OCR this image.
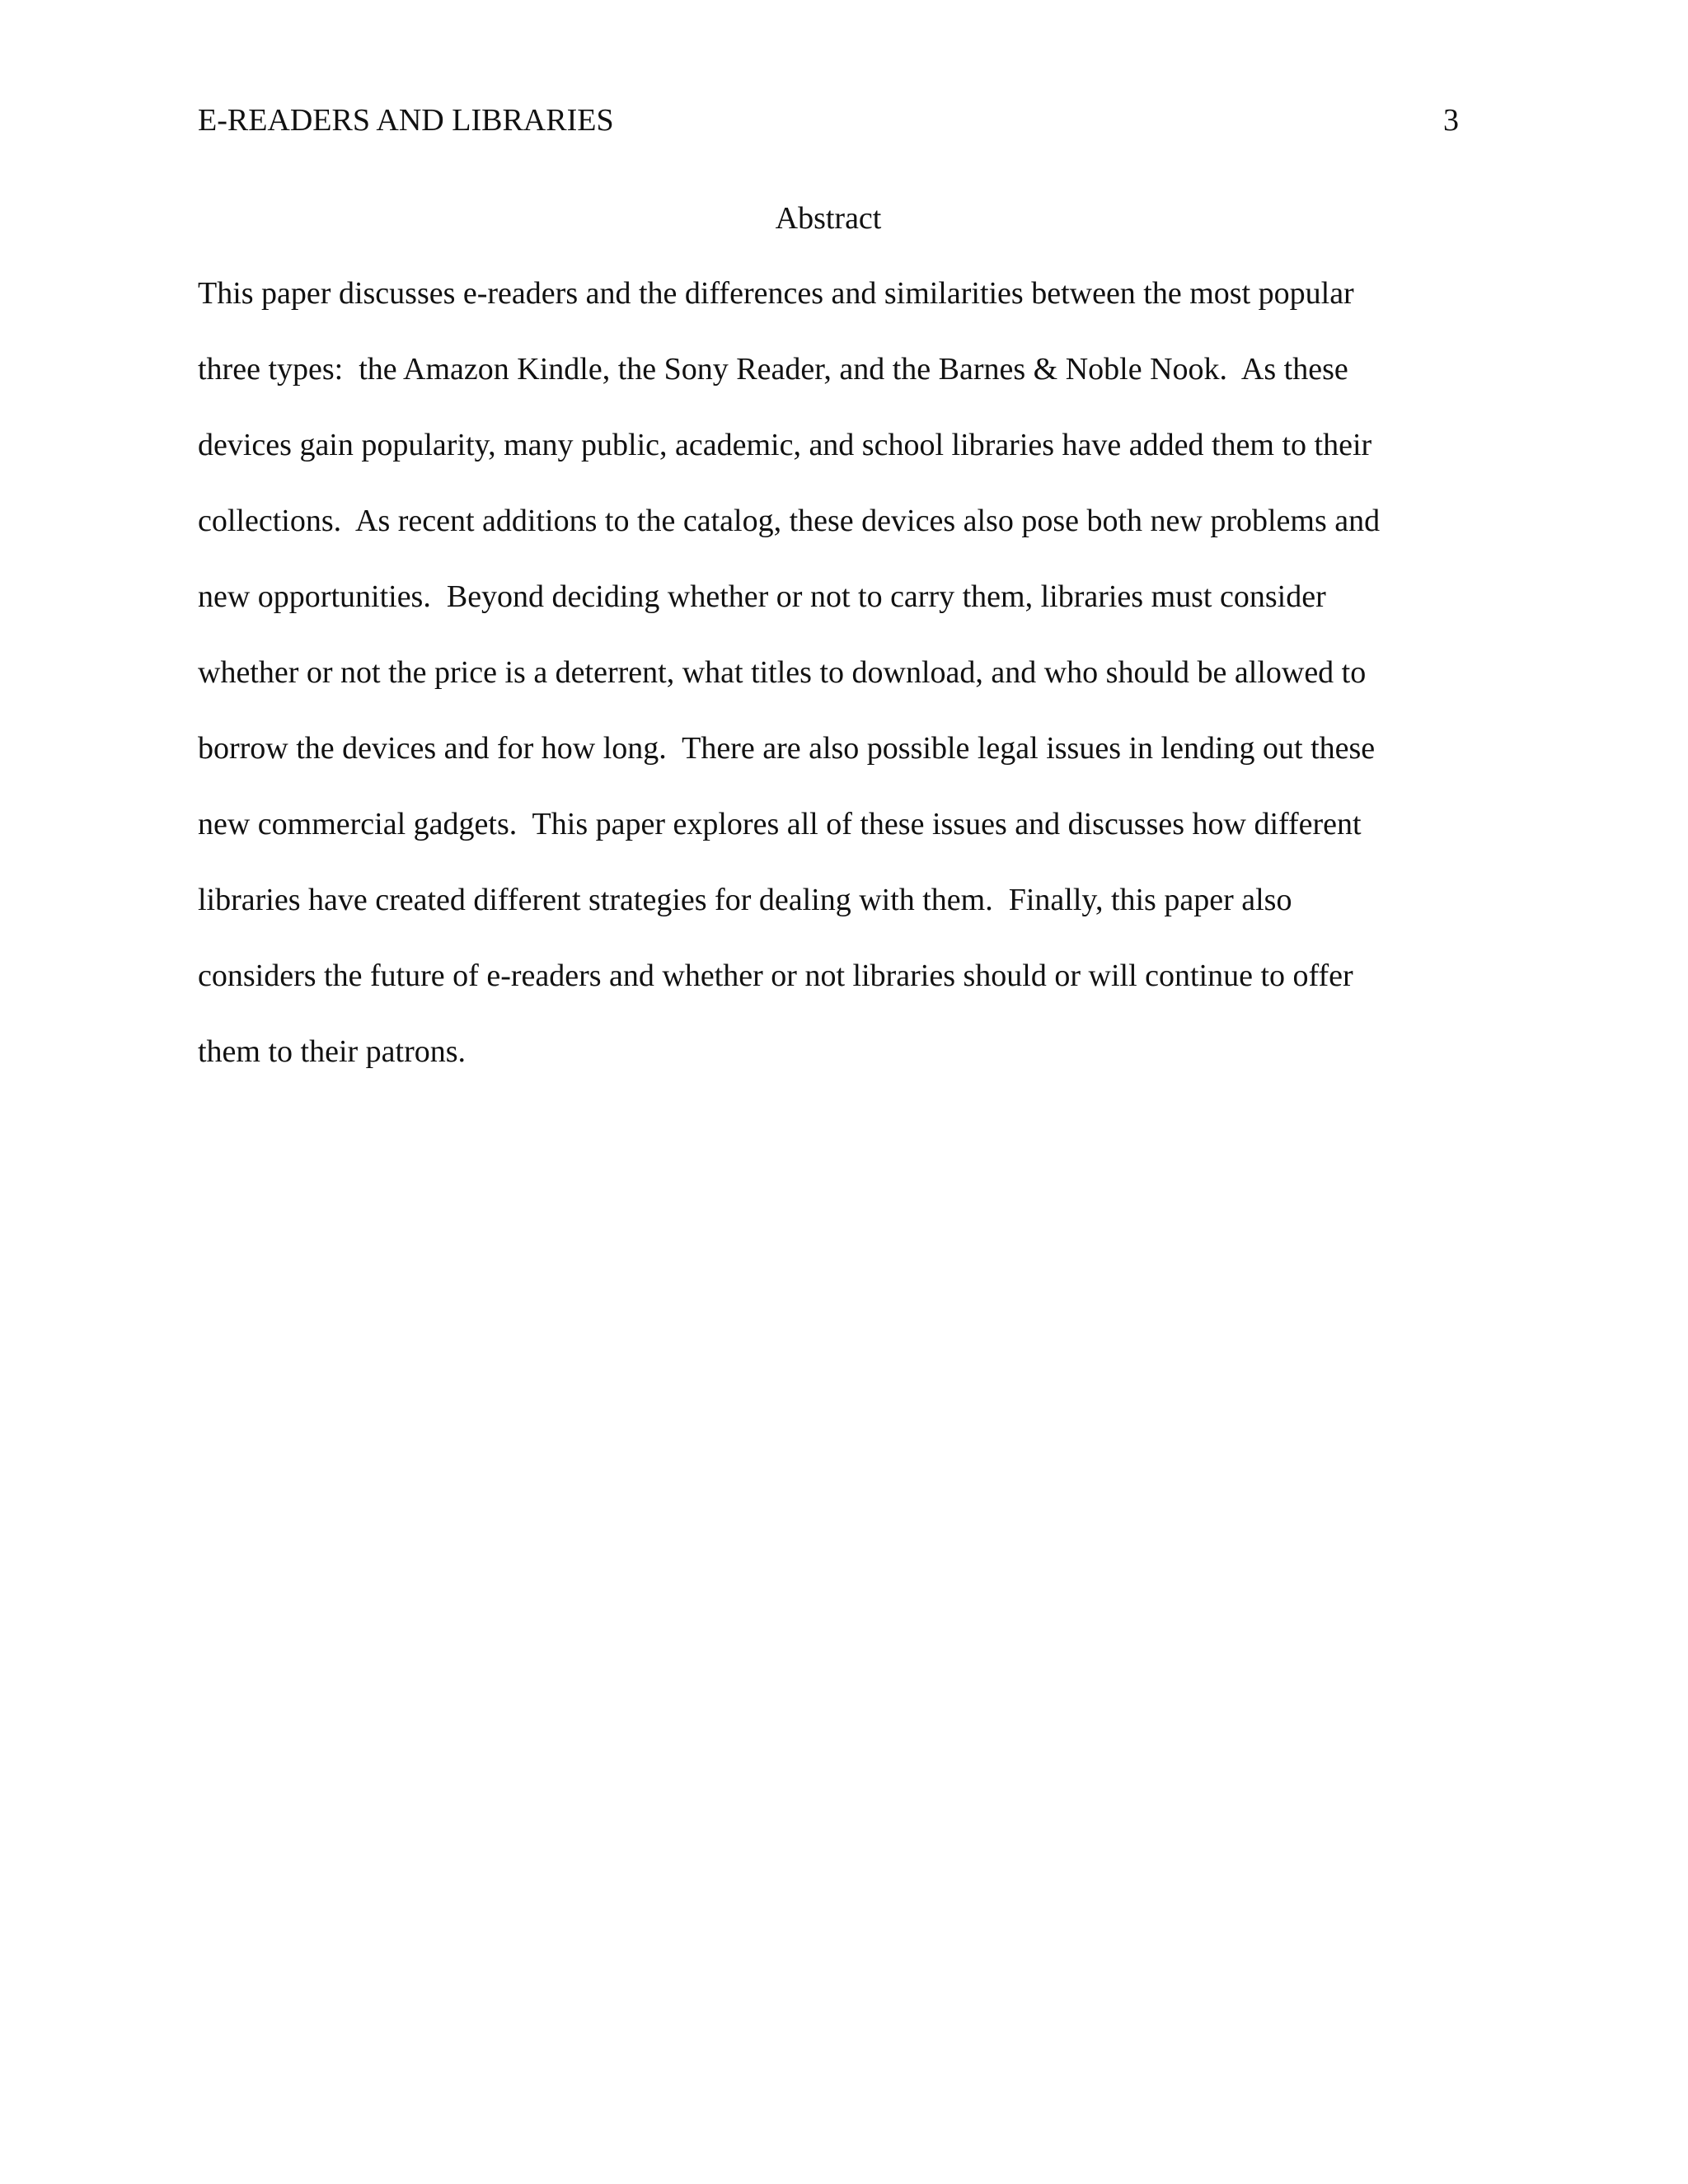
E-READERS AND LIBRARIES	3
Abstract
This paper discusses e-readers and the differences and similarities between the most popular
three types:  the Amazon Kindle, the Sony Reader, and the Barnes & Noble Nook.  As these
devices gain popularity, many public, academic, and school libraries have added them to their
collections.  As recent additions to the catalog, these devices also pose both new problems and
new opportunities.  Beyond deciding whether or not to carry them, libraries must consider
whether or not the price is a deterrent, what titles to download, and who should be allowed to
borrow the devices and for how long.  There are also possible legal issues in lending out these
new commercial gadgets.  This paper explores all of these issues and discusses how different
libraries have created different strategies for dealing with them.  Finally, this paper also
considers the future of e-readers and whether or not libraries should or will continue to offer
them to their patrons.
